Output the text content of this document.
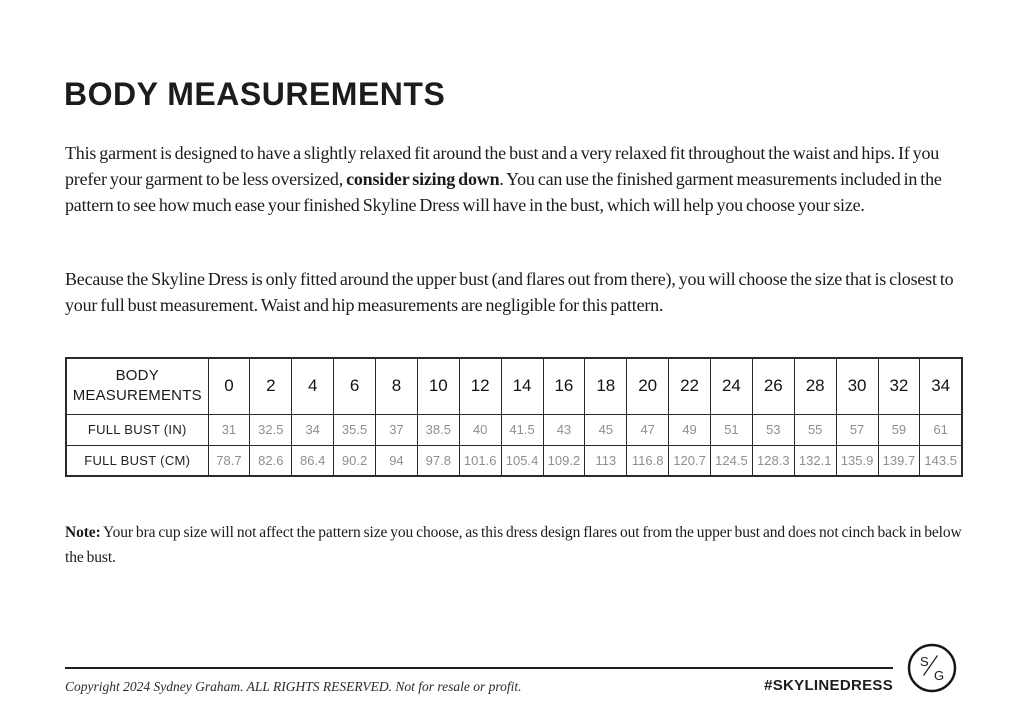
BODY MEASUREMENTS

This garment is designed to have a slightly relaxed fit around the bust and a very relaxed fit throughout the waist and hips. If you prefer your garment to be less oversized, consider sizing down. You can use the finished garment measurements included in the pattern to see how much ease your finished Skyline Dress will have in the bust, which will help you choose your size.

Because the Skyline Dress is only fitted around the upper bust (and flares out from there), you will choose the size that is closest to your full bust measurement. Waist and hip measurements are negligible for this pattern.

BODY MEASUREMENTS	0	2	4	6	8	10	12	14	16	18	20	22	24	26	28	30	32	34
FULL BUST (IN)	31	32.5	34	35.5	37	38.5	40	41.5	43	45	47	49	51	53	55	57	59	61
FULL BUST (CM)	78.7	82.6	86.4	90.2	94	97.8	101.6	105.4	109.2	113	116.8	120.7	124.5	128.3	132.1	135.9	139.7	143.5

Note: Your bra cup size will not affect the pattern size you choose, as this dress design flares out from the upper bust and does not cinch back in below the bust.

Copyright 2024 Sydney Graham. ALL RIGHTS RESERVED. Not for resale or profit.	#SKYLINEDRESS

S
G
